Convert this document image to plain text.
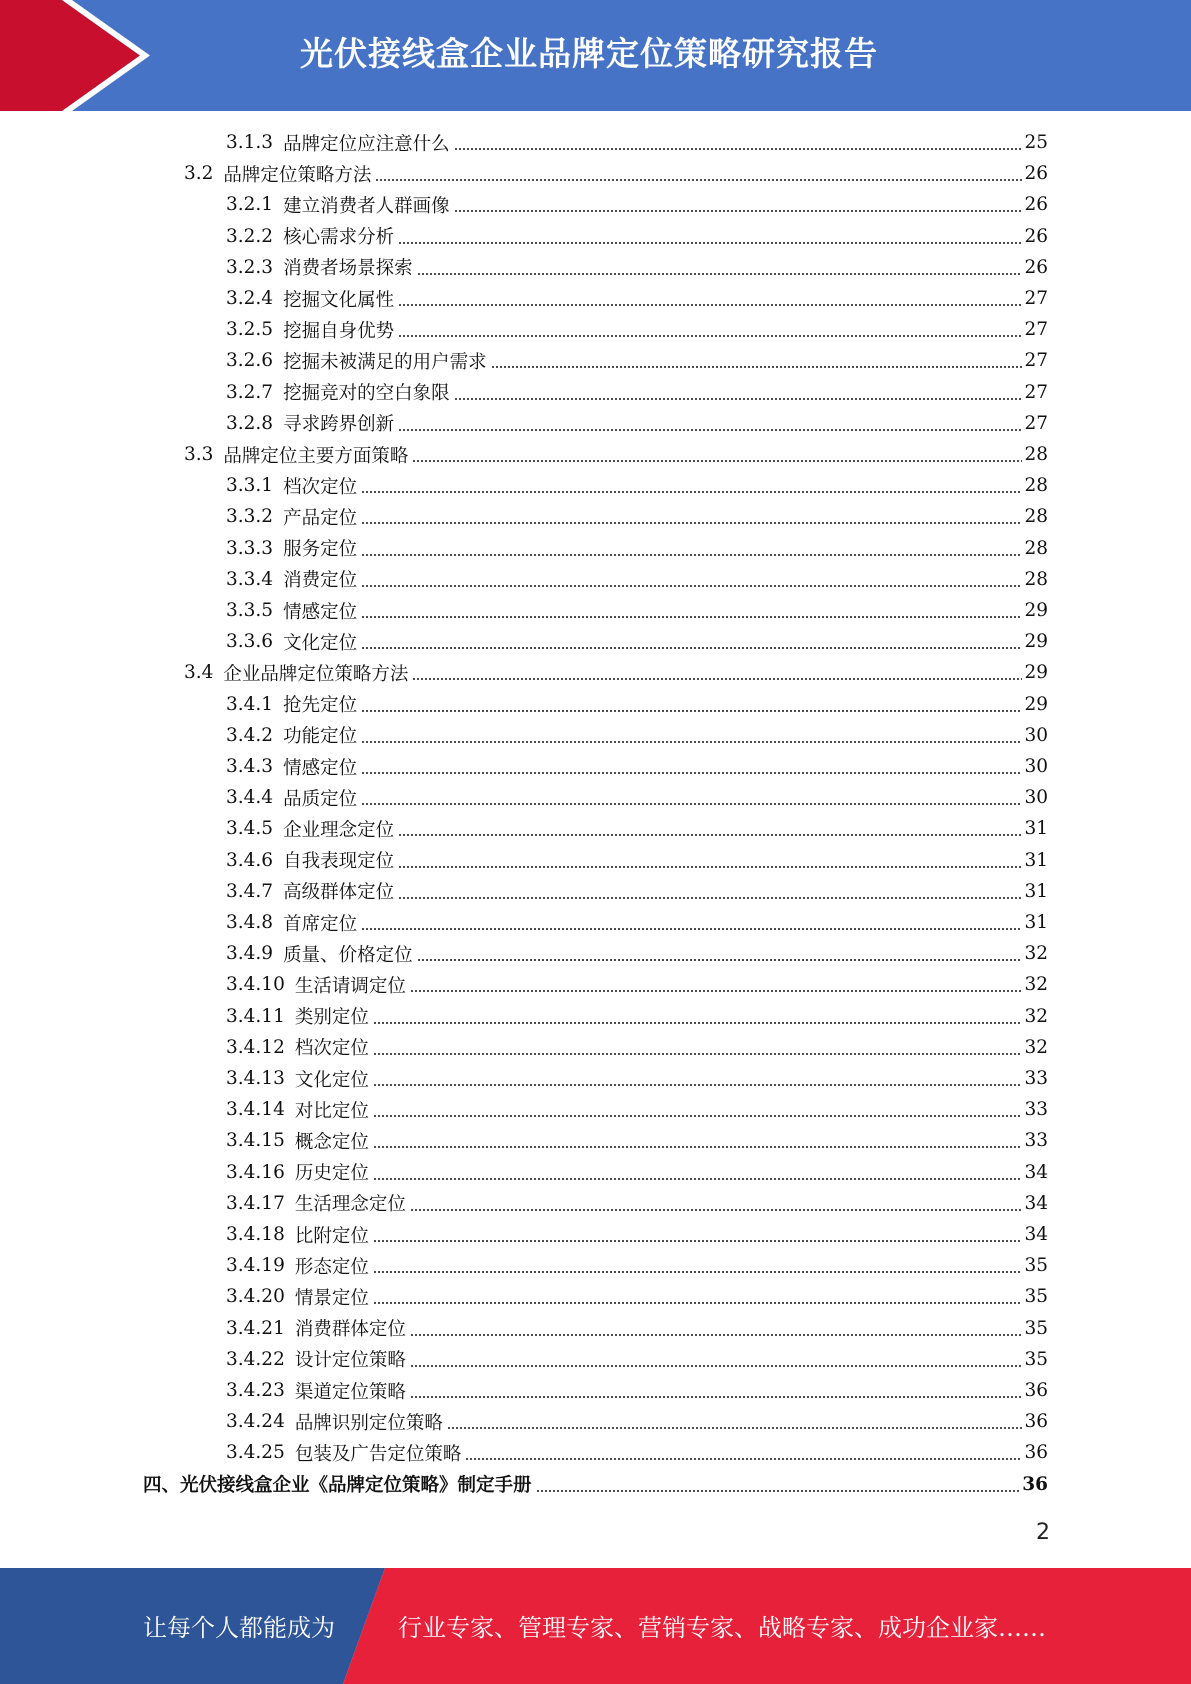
光伏接线盒企业品牌定位策略研究报告
3.1.3 品牌定位应注意什么	25
3.2 品牌定位策略方法	26
3.2.1 建立消费者人群画像	26
3.2.2 核心需求分析	26
3.2.3 消费者场景探索	26
3.2.4 挖掘文化属性	27
3.2.5 挖掘自身优势	27
3.2.6 挖掘未被满足的用户需求	27
3.2.7 挖掘竞对的空白象限	27
3.2.8 寻求跨界创新	27
3.3 品牌定位主要方面策略	28
3.3.1 档次定位	28
3.3.2 产品定位	28
3.3.3 服务定位	28
3.3.4 消费定位	28
3.3.5 情感定位	29
3.3.6 文化定位	29
3.4 企业品牌定位策略方法	29
3.4.1 抢先定位	29
3.4.2 功能定位	30
3.4.3 情感定位	30
3.4.4 品质定位	30
3.4.5 企业理念定位	31
3.4.6 自我表现定位	31
3.4.7 高级群体定位	31
3.4.8 首席定位	31
3.4.9 质量、价格定位	32
3.4.10 生活请调定位	32
3.4.11 类别定位	32
3.4.12 档次定位	32
3.4.13 文化定位	33
3.4.14 对比定位	33
3.4.15 概念定位	33
3.4.16 历史定位	34
3.4.17 生活理念定位	34
3.4.18 比附定位	34
3.4.19 形态定位	35
3.4.20 情景定位	35
3.4.21 消费群体定位	35
3.4.22 设计定位策略	35
3.4.23 渠道定位策略	36
3.4.24 品牌识别定位策略	36
3.4.25 包装及广告定位策略	36
四、 光伏接线盒企业《品牌定位策略》制定手册	36
2
让每个人都能成为	行业专家、管理专家、营销专家、战略专家、成功企业家……
